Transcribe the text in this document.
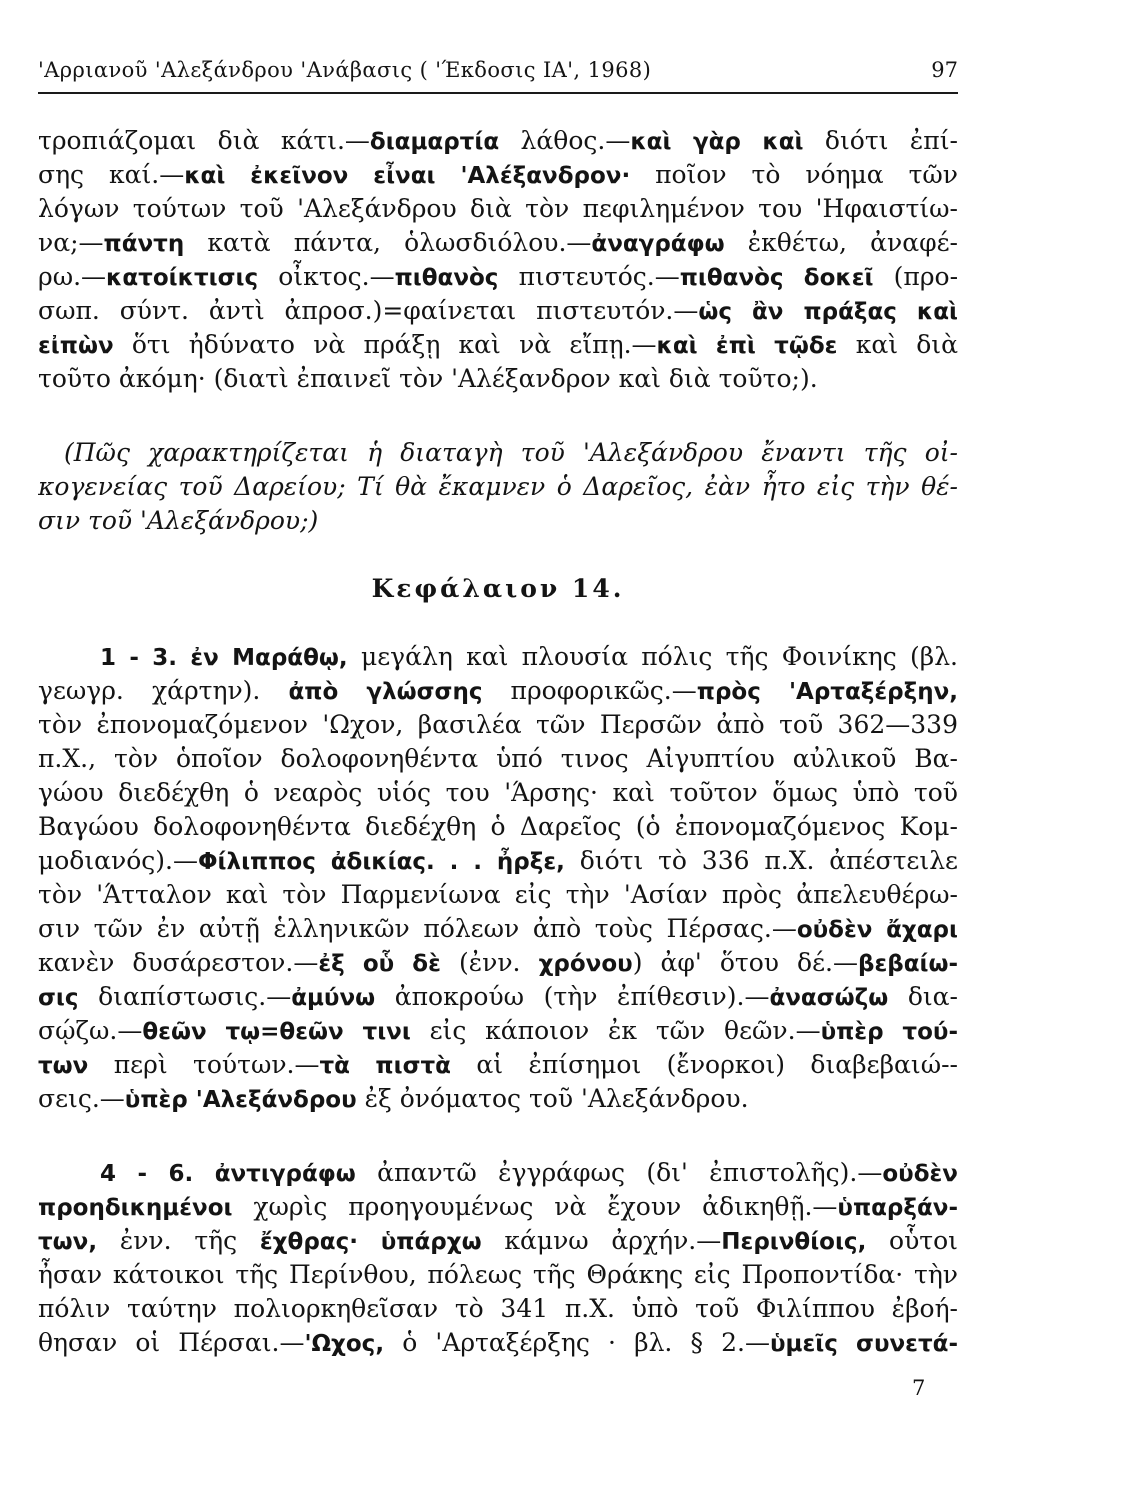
'Αρριανοῦ 'Αλεξάνδρου 'Ανάβασις ( 'Έκδοσις ΙΑ', 1968)	97
τροπιάζομαι διὰ κάτι.—διαμαρτία λάθος.—καὶ γὰρ καὶ διότι ἐπί-
σης καί.—καὶ ἐκεῖνον εἶναι 'Αλέξανδρον· ποῖον τὸ νόημα τῶν
λόγων τούτων τοῦ 'Αλεξάνδρου διὰ τὸν πεφιλημένον του 'Ηφαιστίω-
να;—πάντη κατὰ πάντα, ὁλωσδιόλου.—ἀναγράφω ἐκθέτω, ἀναφέ-
ρω.—κατοίκτισις οἶκτος.—πιθανὸς πιστευτός.—πιθανὸς δοκεῖ (προ-
σωπ. σύντ. ἀντὶ ἀπροσ.)=φαίνεται πιστευτόν.—ὡς ἂν πράξας καὶ
εἰπὼν ὅτι ἠδύνατο νὰ πράξῃ καὶ νὰ εἴπῃ.—καὶ ἐπὶ τῷδε καὶ διὰ
τοῦτο ἀκόμη· (διατὶ ἐπαινεῖ τὸν 'Αλέξανδρον καὶ διὰ τοῦτο;).
(Πῶς χαρακτηρίζεται ἡ διαταγὴ τοῦ 'Αλεξάνδρου ἔναντι τῆς οἰ-
κογενείας τοῦ Δαρείου; Τί θὰ ἔκαμνεν ὁ Δαρεῖος, ἐὰν ἦτο εἰς τὴν θέ-
σιν τοῦ 'Αλεξάνδρου;)
1 - 3. ἐν Μαράθῳ, μεγάλη καὶ πλουσία πόλις τῆς Φοινίκης (βλ.
γεωγρ. χάρτην). ἀπὸ γλώσσης προφορικῶς.—πρὸς 'Αρταξέρξην,
τὸν ἐπονομαζόμενον 'Ωχον, βασιλέα τῶν Περσῶν ἀπὸ τοῦ 362—339
π.Χ., τὸν ὁποῖον δολοφονηθέντα ὑπό τινος Αἰγυπτίου αὐλικοῦ Βα-
γώου διεδέχθη ὁ νεαρὸς υἱός του 'Άρσης· καὶ τοῦτον ὅμως ὑπὸ τοῦ
Βαγώου δολοφονηθέντα διεδέχθη ὁ Δαρεῖος (ὁ ἐπονομαζόμενος Κομ-
μοδιανός).—Φίλιππος ἀδικίας. . . ἦρξε, διότι τὸ 336 π.Χ. ἀπέστειλε
τὸν 'Άτταλον καὶ τὸν Παρμενίωνα εἰς τὴν 'Ασίαν πρὸς ἀπελευθέρω-
σιν τῶν ἐν αὐτῇ ἑλληνικῶν πόλεων ἀπὸ τοὺς Πέρσας.—οὐδὲν ἄχαρι
κανὲν δυσάρεστον.—ἐξ οὗ δὲ (ἐνν. χρόνου) ἀφ' ὅτου δέ.—βεβαίω-
σις διαπίστωσις.—ἀμύνω ἀποκρούω (τὴν ἐπίθεσιν).—ἀνασώζω δια-
σῴζω.—θεῶν τῳ=θεῶν τινι εἰς κάποιον ἐκ τῶν θεῶν.—ὑπὲρ τού-
των περὶ τούτων.—τὰ πιστὰ αἱ ἐπίσημοι (ἔνορκοι) διαβεβαιώ--
σεις.—ὑπὲρ 'Αλεξάνδρου ἐξ ὀνόματος τοῦ 'Αλεξάνδρου.
4 - 6. ἀντιγράφω ἀπαντῶ ἐγγράφως (δι' ἐπιστολῆς).—οὐδὲν
προηδικημένοι χωρὶς προηγουμένως νὰ ἔχουν ἀδικηθῇ.—ὑπαρξάν-
των, ἐνν. τῆς ἔχθρας· ὑπάρχω κάμνω ἀρχήν.—Περινθίοις, οὗτοι
ἦσαν κάτοικοι τῆς Περίνθου, πόλεως τῆς Θράκης εἰς Προποντίδα· τὴν
πόλιν ταύτην πολιορκηθεῖσαν τὸ 341 π.Χ. ὑπὸ τοῦ Φιλίππου ἐβοή-
θησαν οἱ Πέρσαι.—'Ωχος, ὁ 'Αρταξέρξης · βλ. § 2.—ὑμεῖς συνετά-
Κεφάλαιον 14.
7
